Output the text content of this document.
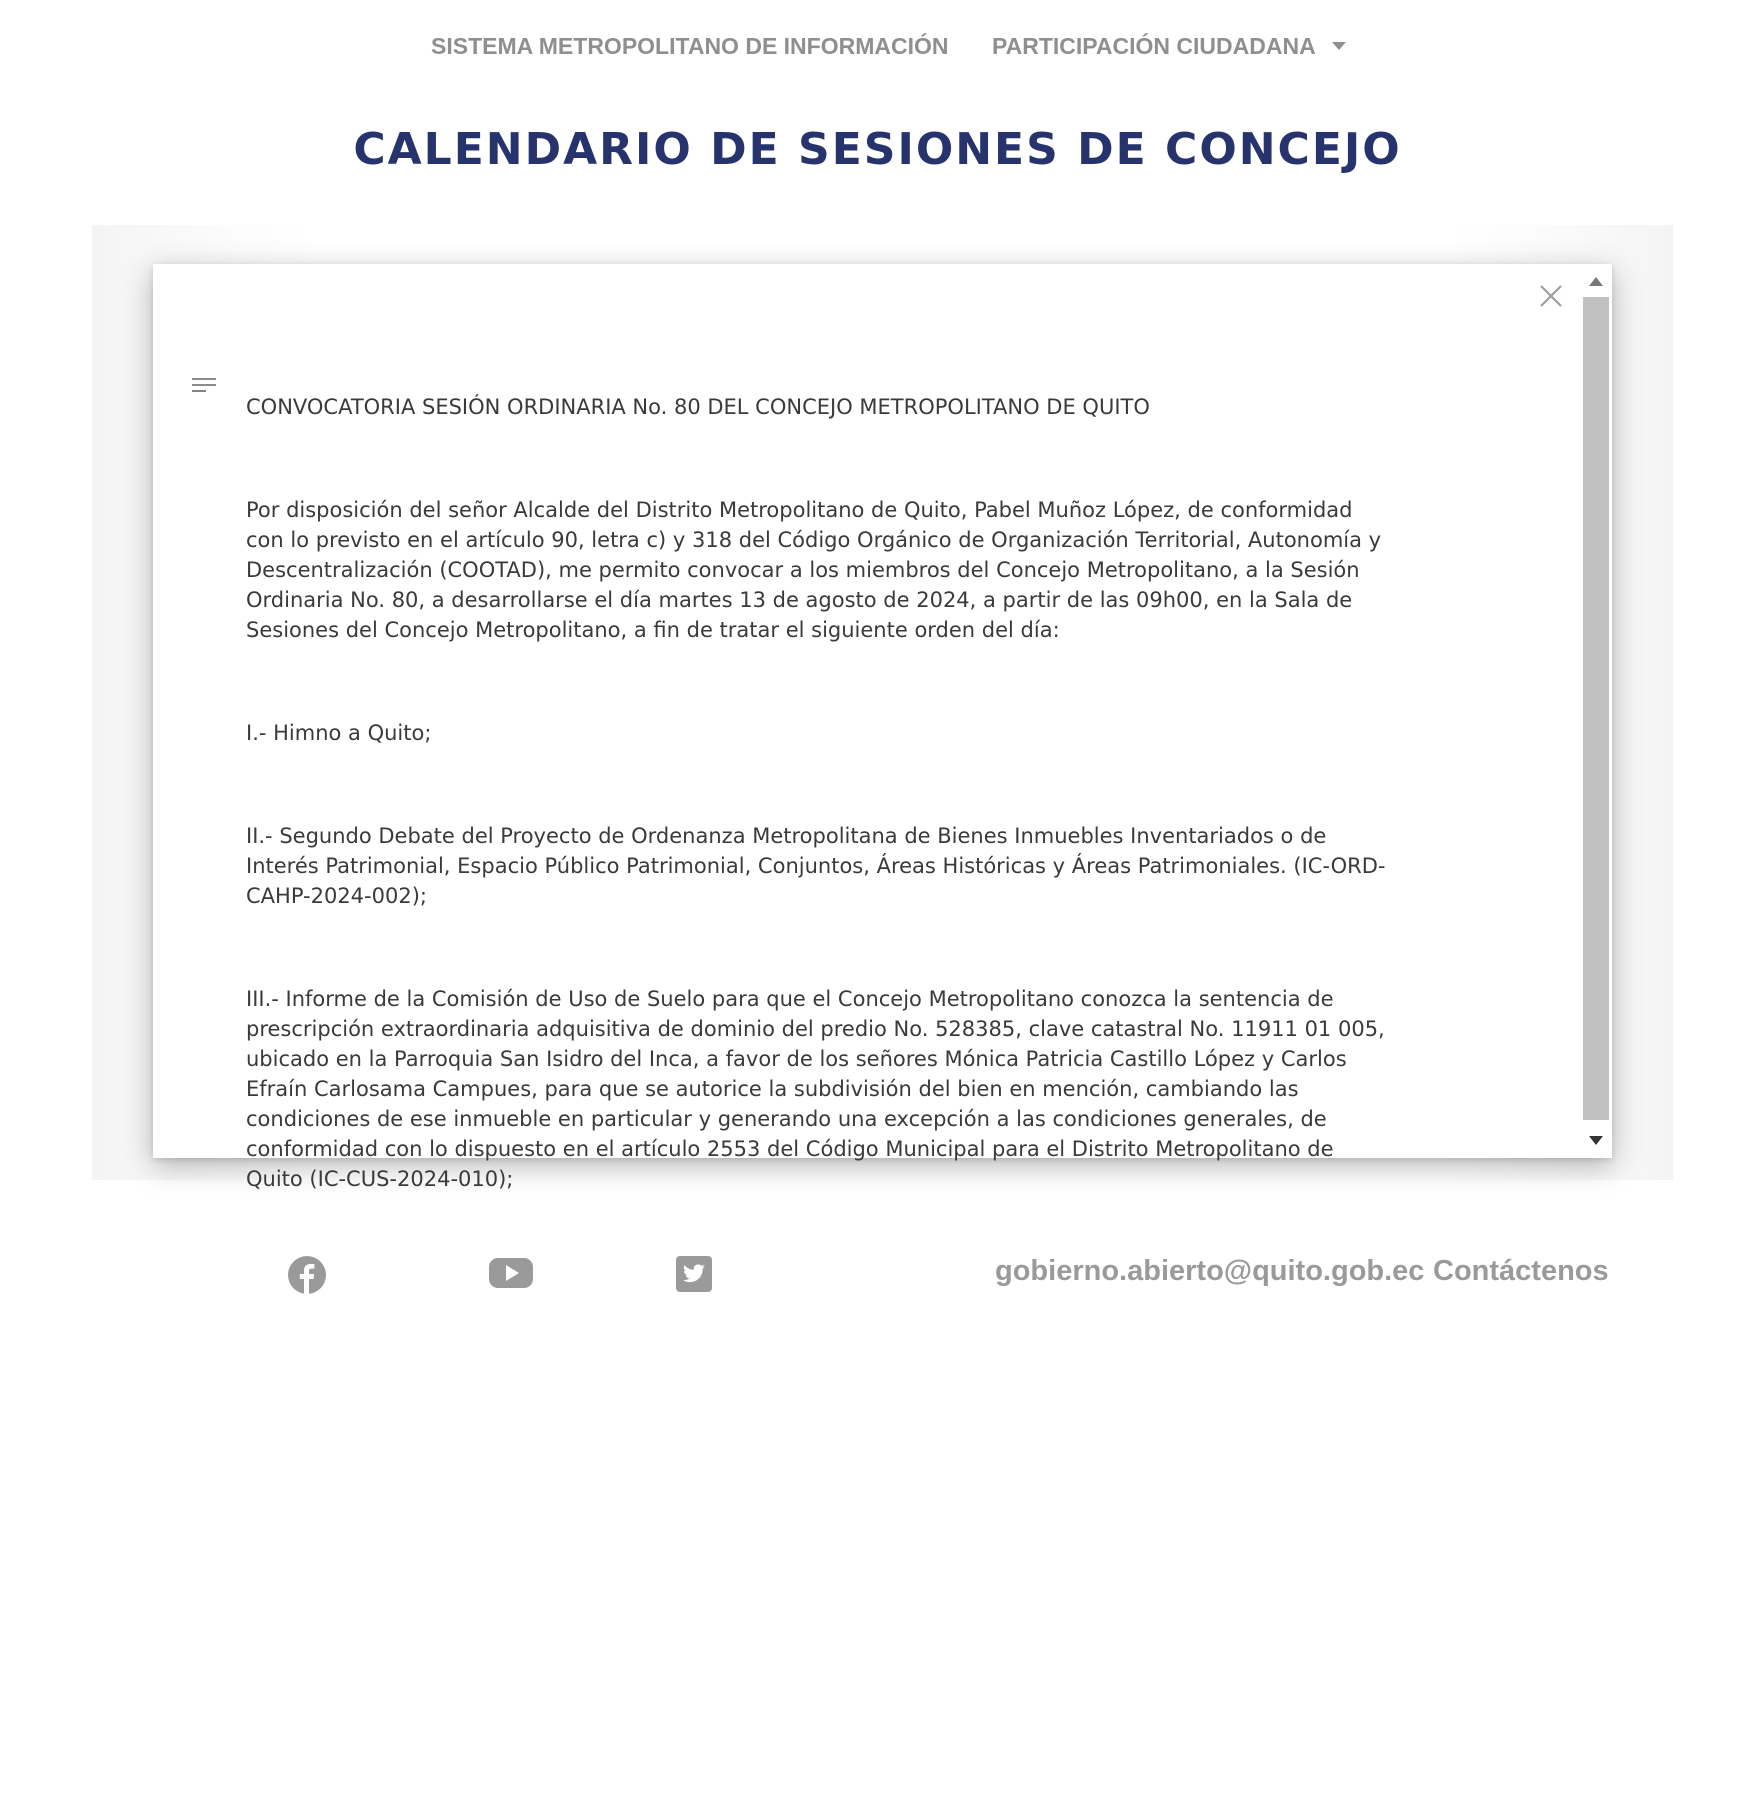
SISTEMA METROPOLITANO DE INFORMACIÓN PARTICIPACIÓN CIUDADANA
CALENDARIO DE SESIONES DE CONCEJO

CONVOCATORIA SESIÓN ORDINARIA No. 80 DEL CONCEJO METROPOLITANO DE QUITO

Por disposición del señor Alcalde del Distrito Metropolitano de Quito, Pabel Muñoz López, de conformidad con lo previsto en el artículo 90, letra c) y 318 del Código Orgánico de Organización Territorial, Autonomía y Descentralización (COOTAD), me permito convocar a los miembros del Concejo Metropolitano, a la Sesión Ordinaria No. 80, a desarrollarse el día martes 13 de agosto de 2024, a partir de las 09h00, en la Sala de Sesiones del Concejo Metropolitano, a fin de tratar el siguiente orden del día:

I.- Himno a Quito;

II.- Segundo Debate del Proyecto de Ordenanza Metropolitana de Bienes Inmuebles Inventariados o de Interés Patrimonial, Espacio Público Patrimonial, Conjuntos, Áreas Históricas y Áreas Patrimoniales. (IC-ORD-CAHP-2024-002);

III.- Informe de la Comisión de Uso de Suelo para que el Concejo Metropolitano conozca la sentencia de prescripción extraordinaria adquisitiva de dominio del predio No. 528385, clave catastral No. 11911 01 005, ubicado en la Parroquia San Isidro del Inca, a favor de los señores Mónica Patricia Castillo López y Carlos Efraín Carlosama Campues, para que se autorice la subdivisión del bien en mención, cambiando las condiciones de ese inmueble en particular y generando una excepción a las condiciones generales, de conformidad con lo dispuesto en el artículo 2553 del Código Municipal para el Distrito Metropolitano de Quito (IC-CUS-2024-010);

gobierno.abierto@quito.gob.ec Contáctenos
